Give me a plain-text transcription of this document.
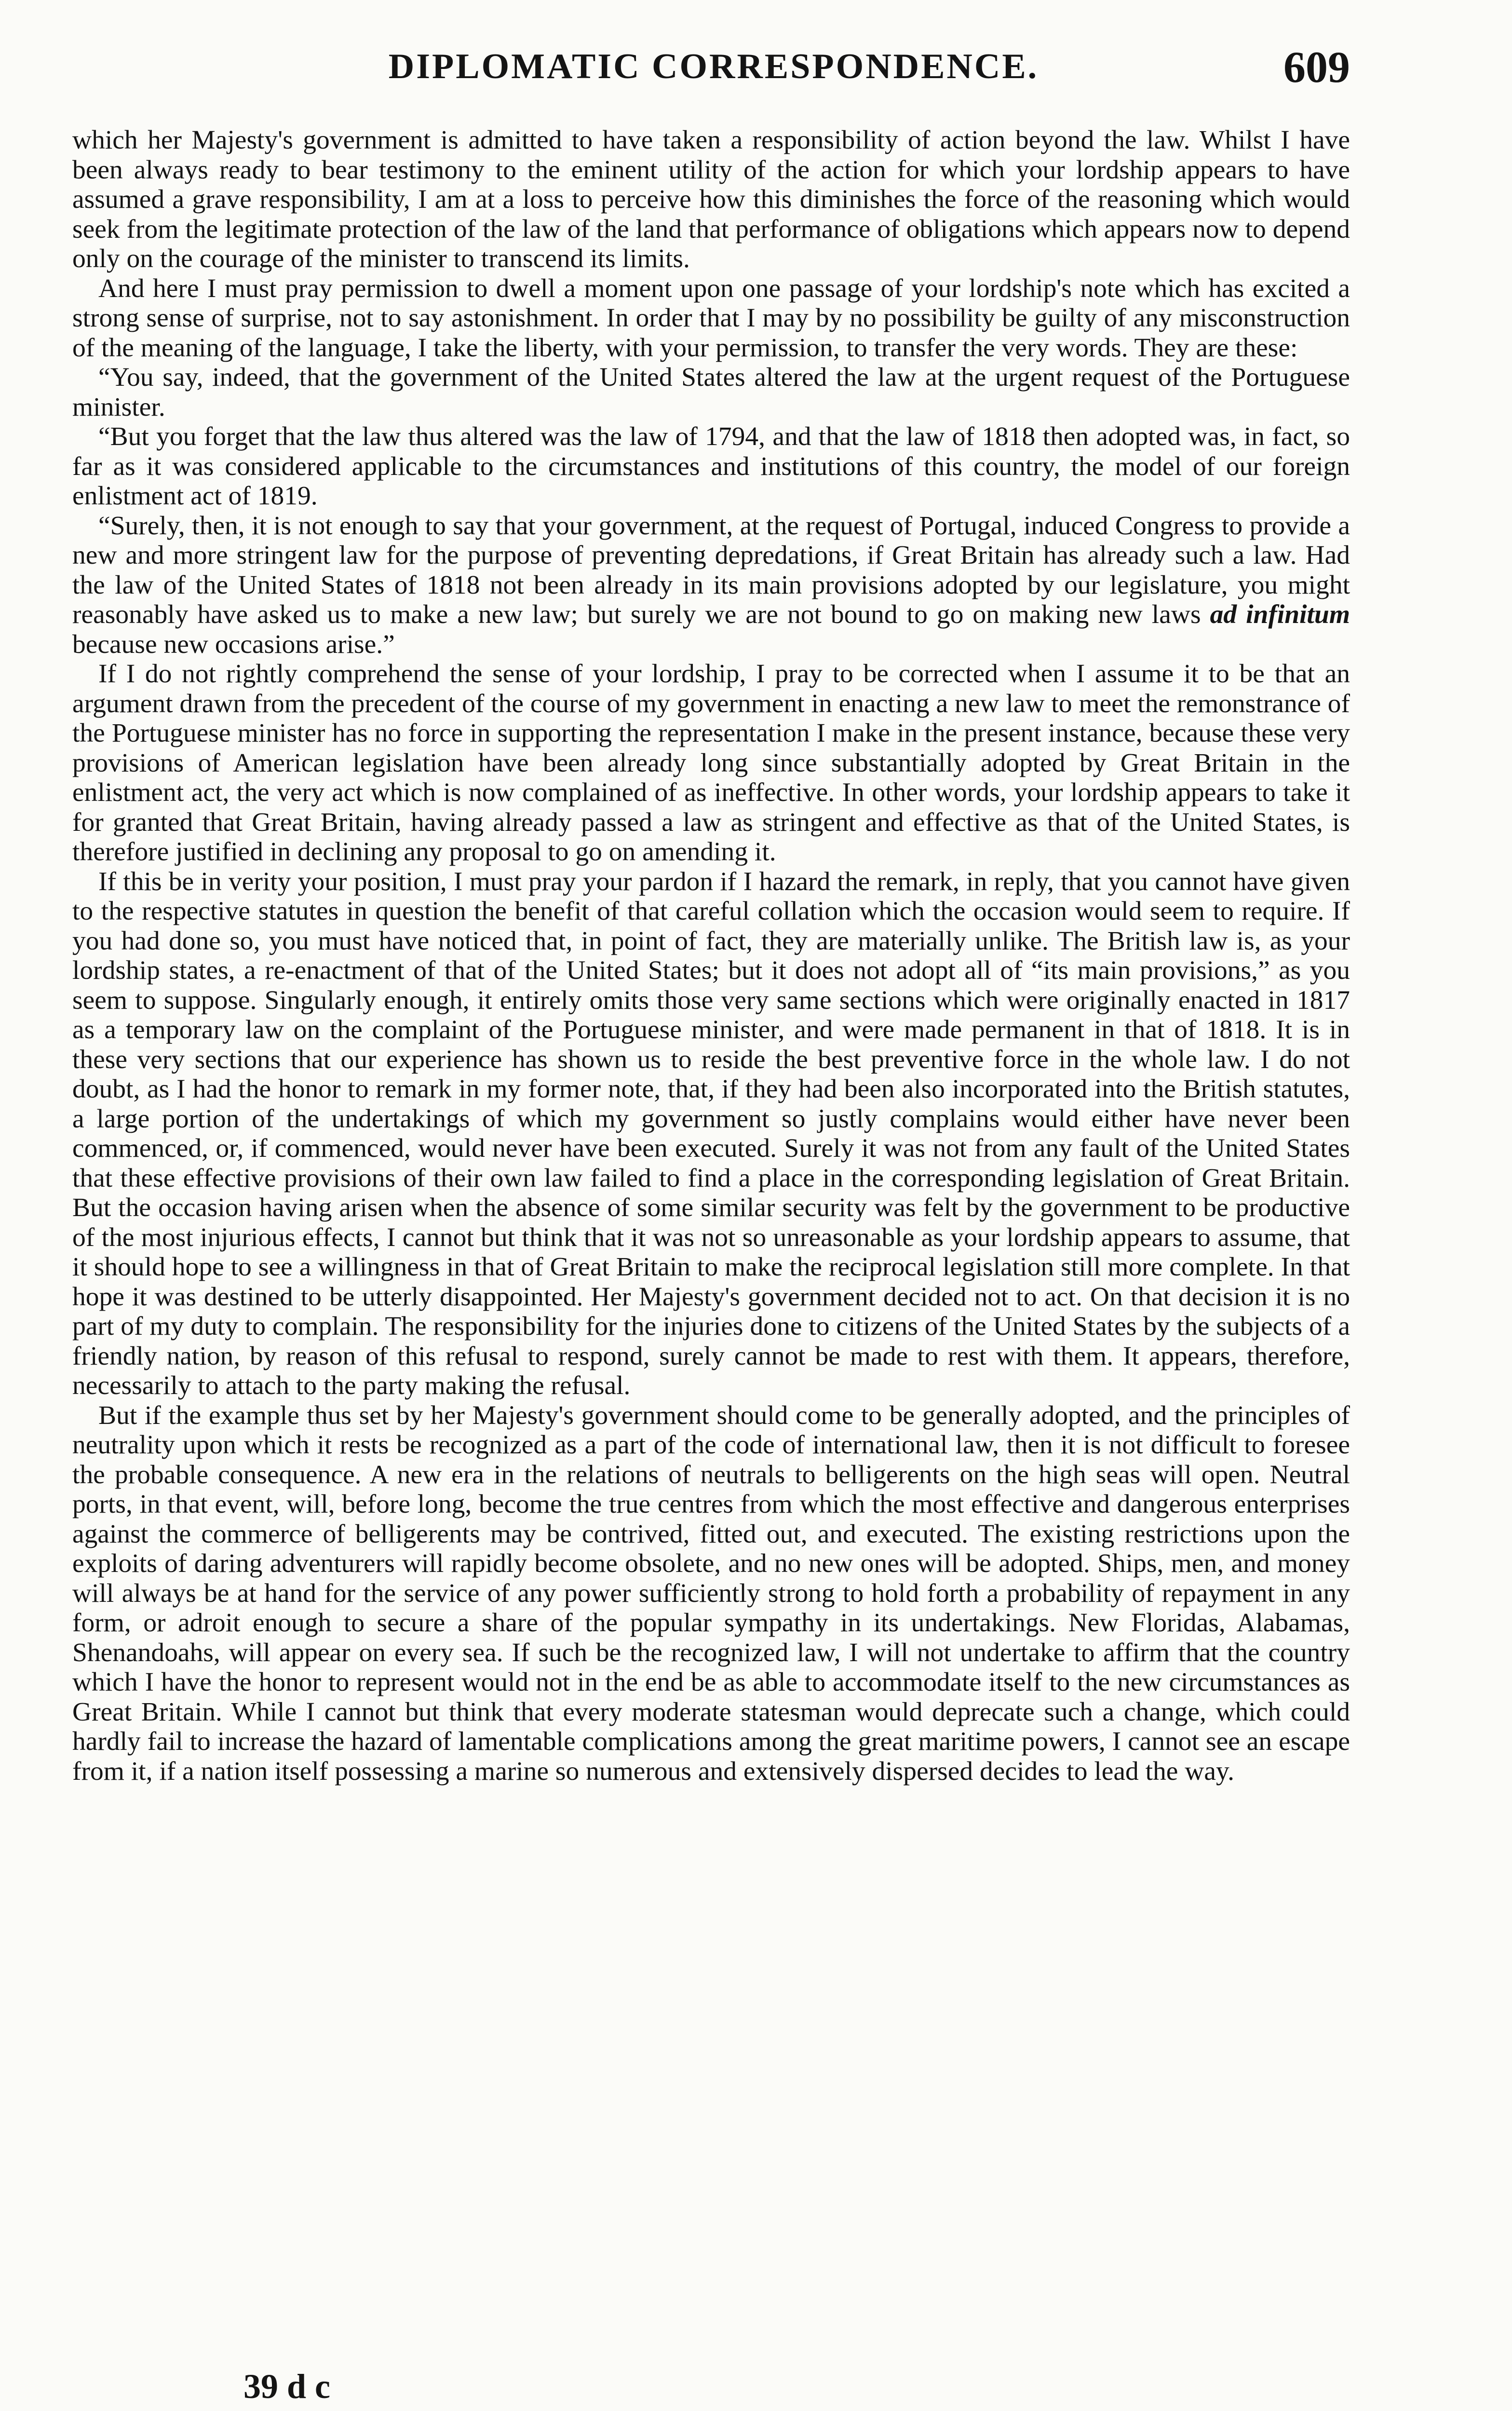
DIPLOMATIC CORRESPONDENCE.	609

which her Majesty's government is admitted to have taken a responsibility of action beyond the law. Whilst I have been always ready to bear testimony to the eminent utility of the action for which your lordship appears to have assumed a grave responsibility, I am at a loss to perceive how this diminishes the force of the reasoning which would seek from the legitimate protection of the law of the land that performance of obligations which appears now to depend only on the courage of the minister to transcend its limits.

And here I must pray permission to dwell a moment upon one passage of your lordship's note which has excited a strong sense of surprise, not to say astonishment. In order that I may by no possibility be guilty of any misconstruction of the meaning of the language, I take the liberty, with your permission, to transfer the very words. They are these:

“You say, indeed, that the government of the United States altered the law at the urgent request of the Portuguese minister.

“But you forget that the law thus altered was the law of 1794, and that the law of 1818 then adopted was, in fact, so far as it was considered applicable to the circumstances and institutions of this country, the model of our foreign enlistment act of 1819.

“Surely, then, it is not enough to say that your government, at the request of Portugal, induced Congress to provide a new and more stringent law for the purpose of preventing depredations, if Great Britain has already such a law. Had the law of the United States of 1818 not been already in its main provisions adopted by our legislature, you might reasonably have asked us to make a new law; but surely we are not bound to go on making new laws ad infinitum because new occasions arise.”

If I do not rightly comprehend the sense of your lordship, I pray to be corrected when I assume it to be that an argument drawn from the precedent of the course of my government in enacting a new law to meet the remonstrance of the Portuguese minister has no force in supporting the representation I make in the present instance, because these very provisions of American legislation have been already long since substantially adopted by Great Britain in the enlistment act, the very act which is now complained of as ineffective. In other words, your lordship appears to take it for granted that Great Britain, having already passed a law as stringent and effective as that of the United States, is therefore justified in declining any proposal to go on amending it.

If this be in verity your position, I must pray your pardon if I hazard the remark, in reply, that you cannot have given to the respective statutes in question the benefit of that careful collation which the occasion would seem to require. If you had done so, you must have noticed that, in point of fact, they are materially unlike. The British law is, as your lordship states, a re-enactment of that of the United States; but it does not adopt all of “its main provisions,” as you seem to suppose. Singularly enough, it entirely omits those very same sections which were originally enacted in 1817 as a temporary law on the complaint of the Portuguese minister, and were made permanent in that of 1818. It is in these very sections that our experience has shown us to reside the best preventive force in the whole law. I do not doubt, as I had the honor to remark in my former note, that, if they had been also incorporated into the British statutes, a large portion of the undertakings of which my government so justly complains would either have never been commenced, or, if commenced, would never have been executed. Surely it was not from any fault of the United States that these effective provisions of their own law failed to find a place in the corresponding legislation of Great Britain. But the occasion having arisen when the absence of some similar security was felt by the government to be productive of the most injurious effects, I cannot but think that it was not so unreasonable as your lordship appears to assume, that it should hope to see a willingness in that of Great Britain to make the reciprocal legislation still more complete. In that hope it was destined to be utterly disappointed. Her Majesty's government decided not to act. On that decision it is no part of my duty to complain. The responsibility for the injuries done to citizens of the United States by the subjects of a friendly nation, by reason of this refusal to respond, surely cannot be made to rest with them. It appears, therefore, necessarily to attach to the party making the refusal.

But if the example thus set by her Majesty's government should come to be generally adopted, and the principles of neutrality upon which it rests be recognized as a part of the code of international law, then it is not difficult to foresee the probable consequence. A new era in the relations of neutrals to belligerents on the high seas will open. Neutral ports, in that event, will, before long, become the true centres from which the most effective and dangerous enterprises against the commerce of belligerents may be contrived, fitted out, and executed. The existing restrictions upon the exploits of daring adventurers will rapidly become obsolete, and no new ones will be adopted. Ships, men, and money will always be at hand for the service of any power sufficiently strong to hold forth a probability of repayment in any form, or adroit enough to secure a share of the popular sympathy in its undertakings. New Floridas, Alabamas, Shenandoahs, will appear on every sea. If such be the recognized law, I will not undertake to affirm that the country which I have the honor to represent would not in the end be as able to accommodate itself to the new circumstances as Great Britain. While I cannot but think that every moderate statesman would deprecate such a change, which could hardly fail to increase the hazard of lamentable complications among the great maritime powers, I cannot see an escape from it, if a nation itself possessing a marine so numerous and extensively dispersed decides to lead the way.

39 d c
